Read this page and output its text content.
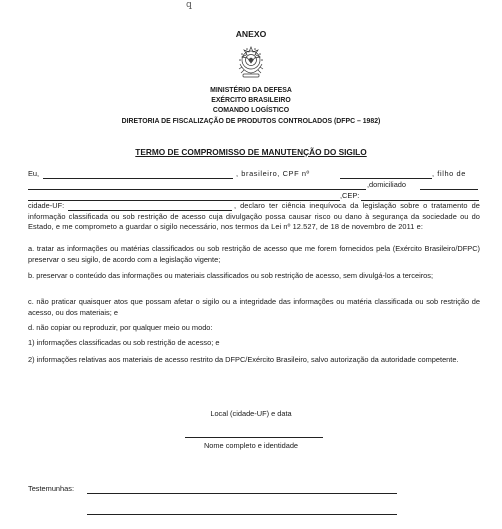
ꝗ
ANEXO
MINISTÉRIO DA DEFESA
EXÉRCITO BRASILEIRO
COMANDO LOGÍSTICO
DIRETORIA DE FISCALIZAÇÃO DE PRODUTOS CONTROLADOS (DFPC – 1982)
TERMO DE COMPROMISSO DE MANUTENÇÃO DO SIGILO
Eu,	, brasileiro, CPF nº	, filho de
,domiciliado
,CEP:
cidade-UF:	, declaro ter ciência inequívoca da legislação sobre o tratamento de informação classificada ou sob restrição de acesso cuja divulgação possa causar risco ou dano à segurança da sociedade ou do Estado, e me comprometo a guardar o sigilo necessário, nos termos da Lei nº 12.527, de 18 de novembro de 2011 e:
a. tratar as informações ou matérias classificados ou sob restrição de acesso que me forem fornecidos pela (Exército Brasileiro/DFPC) preservar o seu sigilo, de acordo com a legislação vigente;
b. preservar o conteúdo das informações ou materiais classificados ou sob restrição de acesso, sem divulgá-los a terceiros;
c. não praticar quaisquer atos que possam afetar o sigilo ou a integridade das informações ou matéria classificada ou sob restrição de acesso, ou dos materiais; e
d. não copiar ou reproduzir, por qualquer meio ou modo:
1) informações classificadas ou sob restrição de acesso; e
2) informações relativas aos materiais de acesso restrito da DFPC/Exército Brasileiro, salvo autorização da autoridade competente.
Local (cidade-UF) e data
Nome completo e identidade
Testemunhas:
